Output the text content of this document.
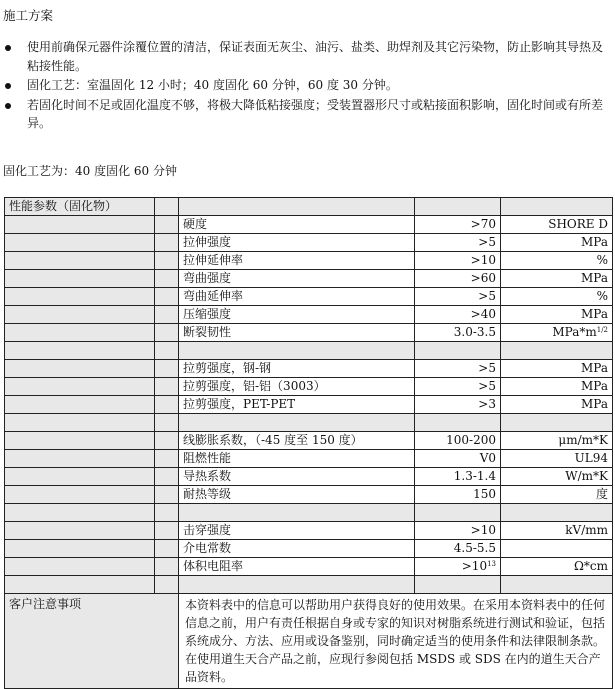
施工方案
使用前确保元器件涂覆位置的清洁，保证表面无灰尘、油污、盐类、助焊剂及其它污染物，防止影响其导热及粘接性能。
固化工艺：室温固化 12 小时；40 度固化 60 分钟，60 度 30 分钟。
若固化时间不足或固化温度不够，将极大降低粘接强度；受装置器形尺寸或粘接面积影响，固化时间或有所差异。
固化工艺为：40 度固化 60 分钟
性能参数（固化物）				
		硬度	>70	SHORE D
		拉伸强度	>5	MPa
		拉伸延伸率	>10	%
		弯曲强度	>60	MPa
		弯曲延伸率	>5	%
		压缩强度	>40	MPa
		断裂韧性	3.0-3.5	$MPa*m^{1/2}$

		拉剪强度，钢-钢	>5	MPa
		拉剪强度，铝-铝（3003）	>5	MPa
		拉剪强度，PET-PET	>3	MPa

		线膨胀系数，（-45 度至 150 度）	100-200	μm/m*K
		阻燃性能	V0	UL94
		导热系数	1.3-1.4	W/m*K
		耐热等级	150	度

		击穿强度	>10	kV/mm
		介电常数	4.5-5.5	
		体积电阻率	$>10^{13}$	Ω*cm

客户注意事项		本资料表中的信息可以帮助用户获得良好的使用效果。在采用本资料表中的任何信息之前，用户有责任根据自身或专家的知识对树脂系统进行测试和验证，包括系统成分、方法、应用或设备鉴别，同时确定适当的使用条件和法律限制条款。
在使用道生天合产品之前，应现行参阅包括 MSDS 或 SDS 在内的道生天合产品资料。		
